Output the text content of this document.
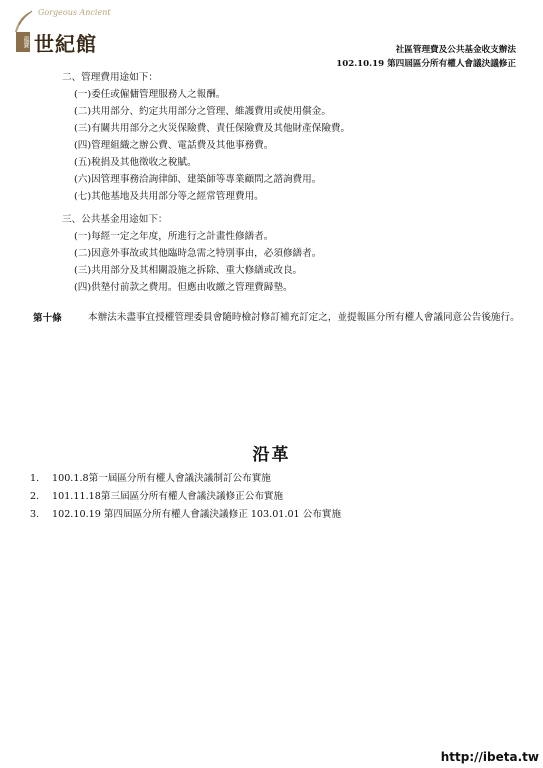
Gorgeous Ancient
龍寶 世紀館	社區管理費及公共基金收支辦法
102.10.19 第四屆區分所有權人會議決議修正
二、管理費用途如下：
(一)委任或僱傭管理服務人之報酬。
(二)共用部分、約定共用部分之管理、維護費用或使用償金。
(三)有關共用部分之火災保險費、責任保險費及其他財產保險費。
(四)管理組織之辦公費、電話費及其他事務費。
(五)稅捐及其他徵收之稅賦。
(六)因管理事務洽詢律師、建築師等專業顧問之諮詢費用。
(七)其他基地及共用部分等之經常管理費用。
三、公共基金用途如下：
(一)每經一定之年度，所進行之計畫性修繕者。
(二)因意外事故或其他臨時急需之特別事由，必須修繕者。
(三)共用部分及其相關設施之拆除、重大修繕或改良。
(四)供墊付前款之費用。但應由收繳之管理費歸墊。
第十條	本辦法未盡事宜授權管理委員會隨時檢討修訂補充訂定之，並提報區分所有權人會議同意公告後施行。
沿革
1. 100.1.8第一屆區分所有權人會議決議制訂公布實施
2. 101.11.18第三屆區分所有權人會議決議修正公布實施
3. 102.10.19 第四屆區分所有權人會議決議修正 103.01.01 公布實施
http://ibeta.tw
